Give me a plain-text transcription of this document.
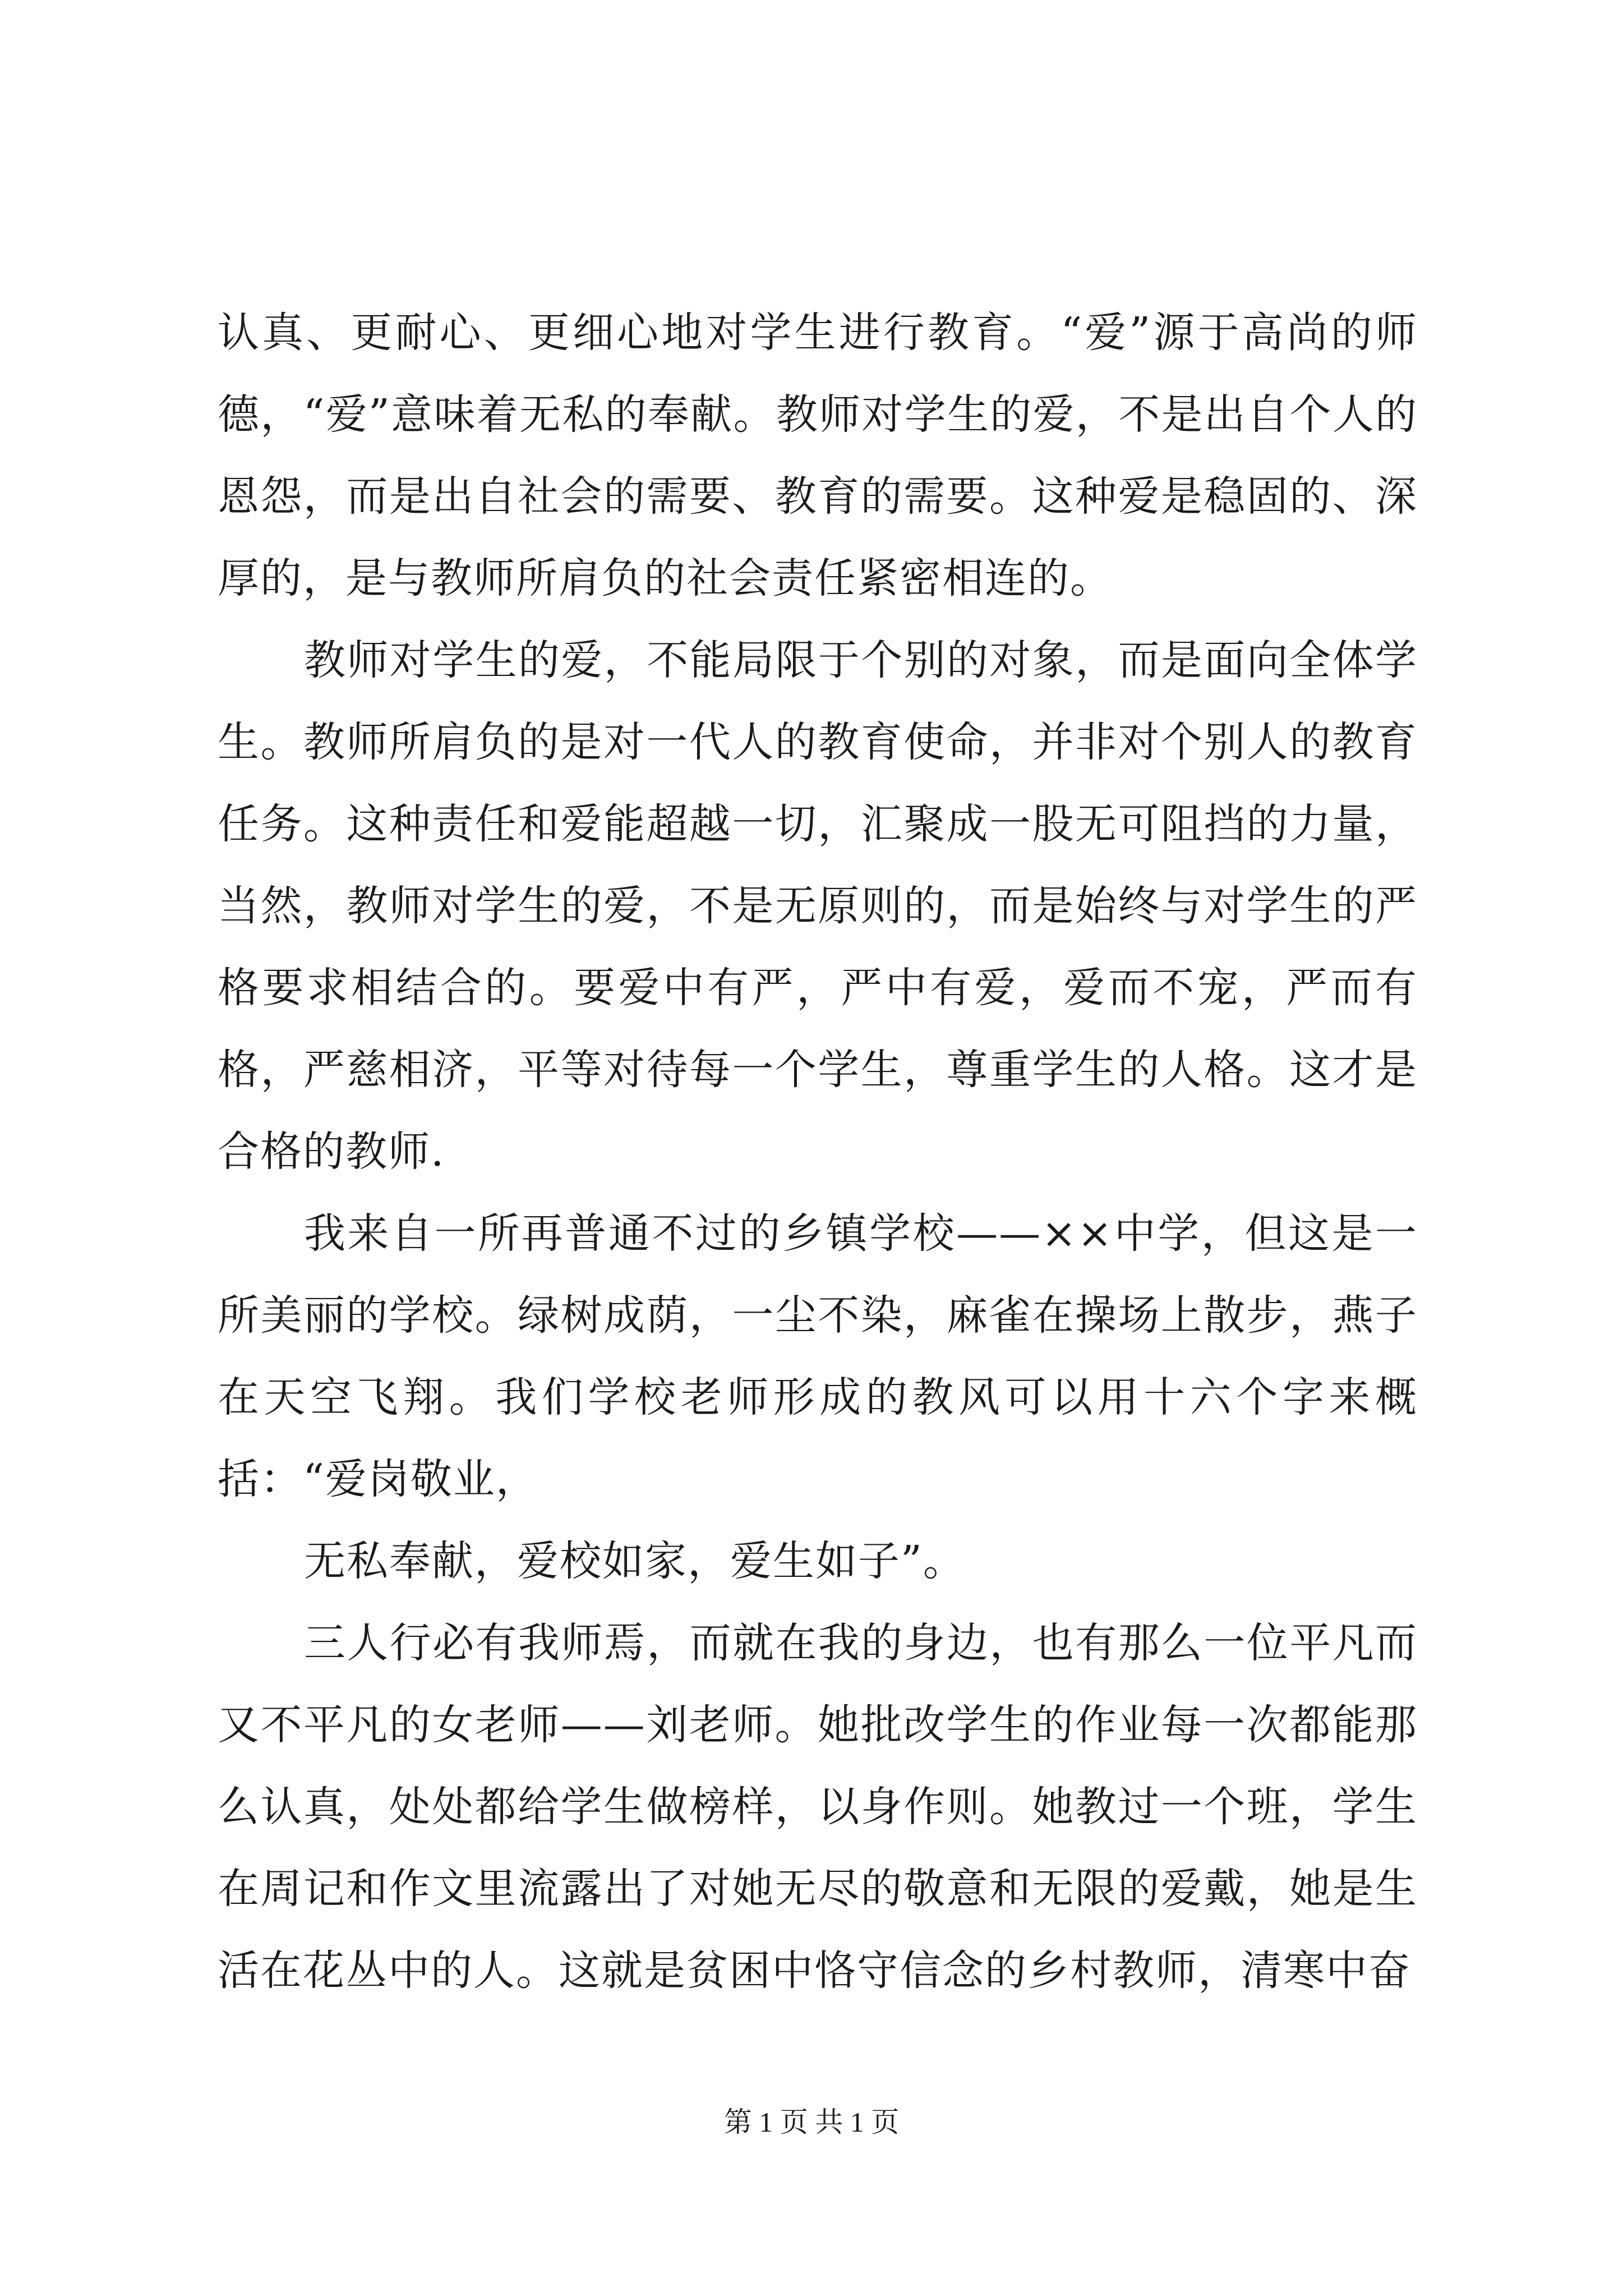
认真、更耐心、更细心地对学生进行教育。“爱”源于高尚的师德，“爱”意味着无私的奉献。教师对学生的爱，不是出自个人的恩怨，而是出自社会的需要、教育的需要。这种爱是稳固的、深厚的，是与教师所肩负的社会责任紧密相连的。

教师对学生的爱，不能局限于个别的对象，而是面向全体学生。教师所肩负的是对一代人的教育使命，并非对个别人的教育任务。这种责任和爱能超越一切，汇聚成一股无可阻挡的力量，当然，教师对学生的爱，不是无原则的，而是始终与对学生的严格要求相结合的。要爱中有严，严中有爱，爱而不宠，严而有格，严慈相济，平等对待每一个学生，尊重学生的人格。这才是合格的教师.

我来自一所再普通不过的乡镇学校——××中学，但这是一所美丽的学校。绿树成荫，一尘不染，麻雀在操场上散步，燕子在天空飞翔。我们学校老师形成的教风可以用十六个字来概括：“爱岗敬业，

无私奉献，爱校如家，爱生如子”。

三人行必有我师焉，而就在我的身边，也有那么一位平凡而又不平凡的女老师——刘老师。她批改学生的作业每一次都能那么认真，处处都给学生做榜样，以身作则。她教过一个班，学生在周记和作文里流露出了对她无尽的敬意和无限的爱戴，她是生活在花丛中的人。这就是贫困中恪守信念的乡村教师，清寒中奋

第 1 页 共 1 页
